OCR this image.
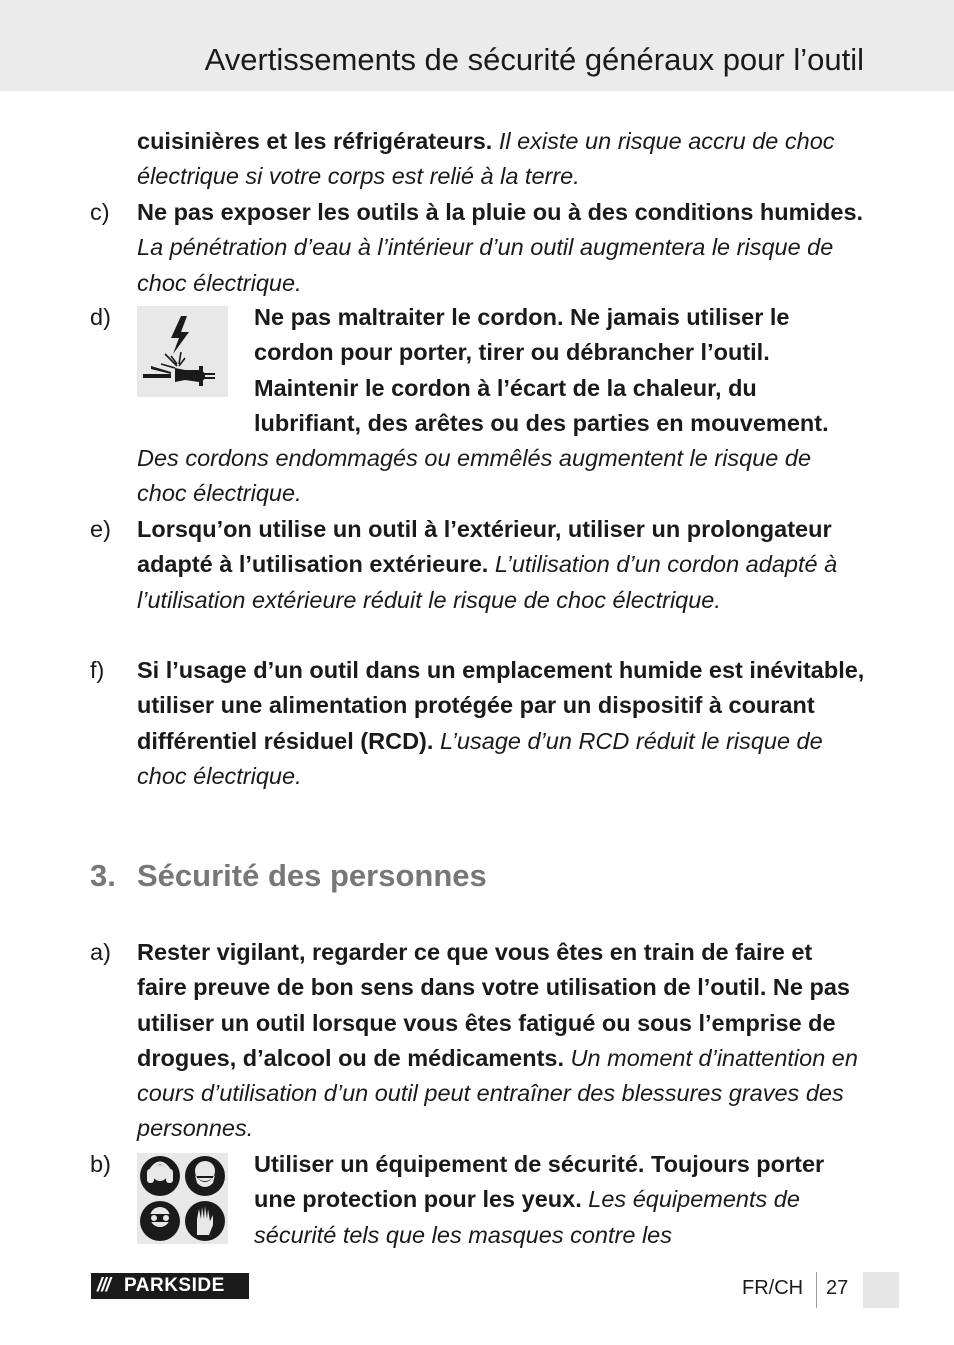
Avertissements de sécurité généraux pour l’outil
cuisinières et les réfrigérateurs. Il existe un risque accru de choc électrique si votre corps est relié à la terre.
c) Ne pas exposer les outils à la pluie ou à des conditions humides. La pénétration d’eau à l’intérieur d’un outil augmentera le risque de choc électrique.
d)	Ne pas maltraiter le cordon. Ne jamais utiliser le cordon pour porter, tirer ou débrancher l’outil. Maintenir le cordon à l’écart de la chaleur, du lubrifiant, des arêtes ou des parties en mouvement. Des cordons endommagés ou emmêlés augmentent le risque de choc électrique.
e) Lorsqu’on utilise un outil à l’extérieur, utiliser un prolongateur adapté à l’utilisation extérieure. L’utilisation d’un cordon adapté à l’utilisation extérieure réduit le risque de choc électrique.
f) Si l’usage d’un outil dans un emplacement humide est inévitable, utiliser une alimentation protégée par un dispositif à courant différentiel résiduel (RCD). L’usage d’un RCD réduit le risque de choc électrique.
3. Sécurité des personnes
a) Rester vigilant, regarder ce que vous êtes en train de faire et faire preuve de bon sens dans votre utilisation de l’outil. Ne pas utiliser un outil lorsque vous êtes fatigué ou sous l’emprise de drogues, d’alcool ou de médicaments. Un moment d’inattention en cours d’utilisation d’un outil peut entraîner des blessures graves des personnes.
b)	Utiliser un équipement de sécurité. Toujours porter une protection pour les yeux. Les équipements de sécurité tels que les masques contre les
/// PARKSIDE	FR/CH 27
